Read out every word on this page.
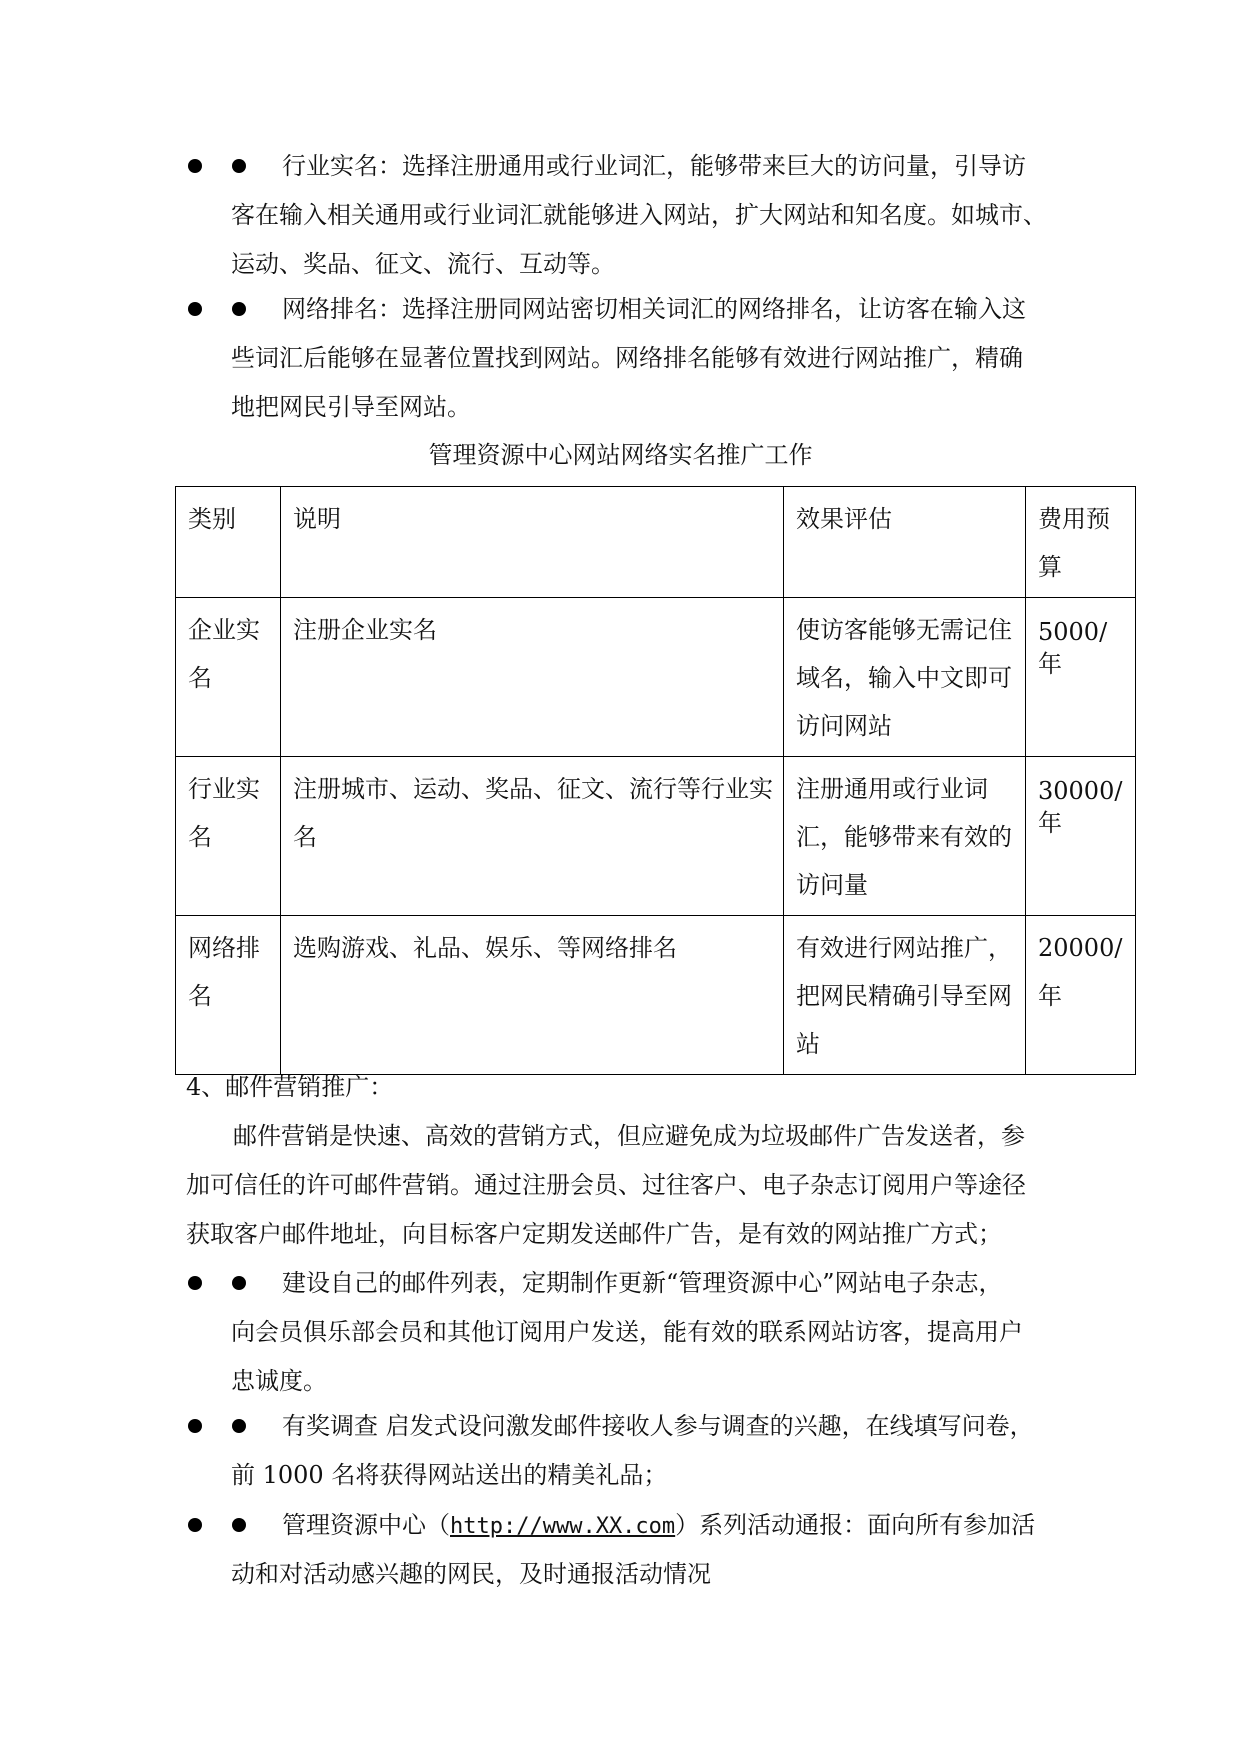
行业实名：选择注册通用或行业词汇，能够带来巨大的访问量，引导访
客在输入相关通用或行业词汇就能够进入网站，扩大网站和知名度。如城市、
运动、奖品、征文、流行、互动等。
网络排名：选择注册同网站密切相关词汇的网络排名，让访客在输入这
些词汇后能够在显著位置找到网站。网络排名能够有效进行网站推广，精确
地把网民引导至网站。
管理资源中心网站网络实名推广工作
类别	说明	效果评估	费用预算
企业实名	注册企业实名	使访客能够无需记住域名，输入中文即可访问网站	5000/年
行业实名	注册城市、运动、奖品、征文、流行等行业实名	注册通用或行业词汇，能够带来有效的访问量	30000/年
网络排名	选购游戏、礼品、娱乐、等网络排名	有效进行网站推广，把网民精确引导至网站	20000/年
4、邮件营销推广：
邮件营销是快速、高效的营销方式，但应避免成为垃圾邮件广告发送者，参
加可信任的许可邮件营销。通过注册会员、过往客户、电子杂志订阅用户等途径
获取客户邮件地址，向目标客户定期发送邮件广告，是有效的网站推广方式；
建设自己的邮件列表，定期制作更新“管理资源中心”网站电子杂志，
向会员俱乐部会员和其他订阅用户发送，能有效的联系网站访客，提高用户
忠诚度。
有奖调查 启发式设问激发邮件接收人参与调查的兴趣，在线填写问卷，
前 1000 名将获得网站送出的精美礼品；
管理资源中心（http://www.XX.com）系列活动通报：面向所有参加活
动和对活动感兴趣的网民，及时通报活动情况
